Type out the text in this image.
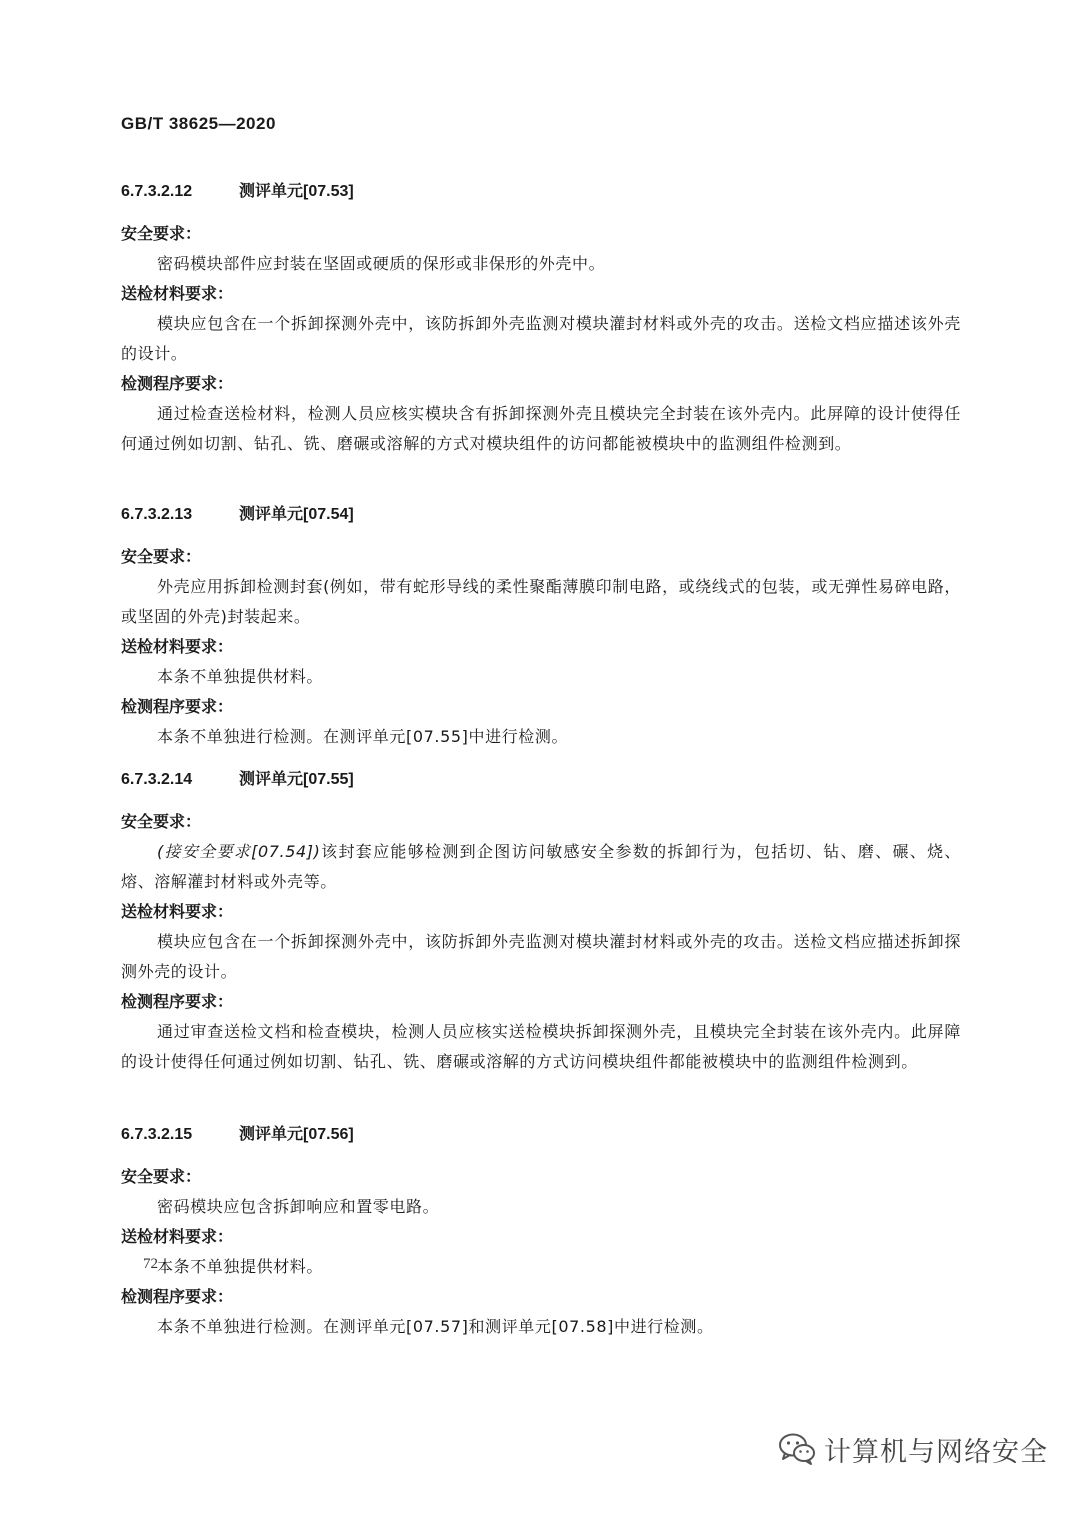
GB/T 38625—2020
6.7.3.2.12	测评单元[07.53]
安全要求：

密码模块部件应封装在坚固或硬质的保形或非保形的外壳中。

送检材料要求：

模块应包含在一个拆卸探测外壳中，该防拆卸外壳监测对模块灌封材料或外壳的攻击。送检文档应描述该外壳的设计。

检测程序要求：

通过检查送检材料，检测人员应核实模块含有拆卸探测外壳且模块完全封装在该外壳内。此屏障的设计使得任何通过例如切割、钻孔、铣、磨碾或溶解的方式对模块组件的访问都能被模块中的监测组件检测到。

6.7.3.2.13	测评单元[07.54]
安全要求：

外壳应用拆卸检测封套(例如，带有蛇形导线的柔性聚酯薄膜印制电路，或绕线式的包装，或无弹性易碎电路，或坚固的外壳)封装起来。

送检材料要求：

本条不单独提供材料。

检测程序要求：

本条不单独进行检测。在测评单元[07.55]中进行检测。

6.7.3.2.14	测评单元[07.55]
安全要求：

(接安全要求[07.54])该封套应能够检测到企图访问敏感安全参数的拆卸行为，包括切、钻、磨、碾、烧、熔、溶解灌封材料或外壳等。

送检材料要求：

模块应包含在一个拆卸探测外壳中，该防拆卸外壳监测对模块灌封材料或外壳的攻击。送检文档应描述拆卸探测外壳的设计。

检测程序要求：

通过审查送检文档和检查模块，检测人员应核实送检模块拆卸探测外壳，且模块完全封装在该外壳内。此屏障的设计使得任何通过例如切割、钻孔、铣、磨碾或溶解的方式访问模块组件都能被模块中的监测组件检测到。

6.7.3.2.15	测评单元[07.56]
安全要求：

密码模块应包含拆卸响应和置零电路。

送检材料要求：

本条不单独提供材料。

检测程序要求：

本条不单独进行检测。在测评单元[07.57]和测评单元[07.58]中进行检测。

72
计算机与网络安全
